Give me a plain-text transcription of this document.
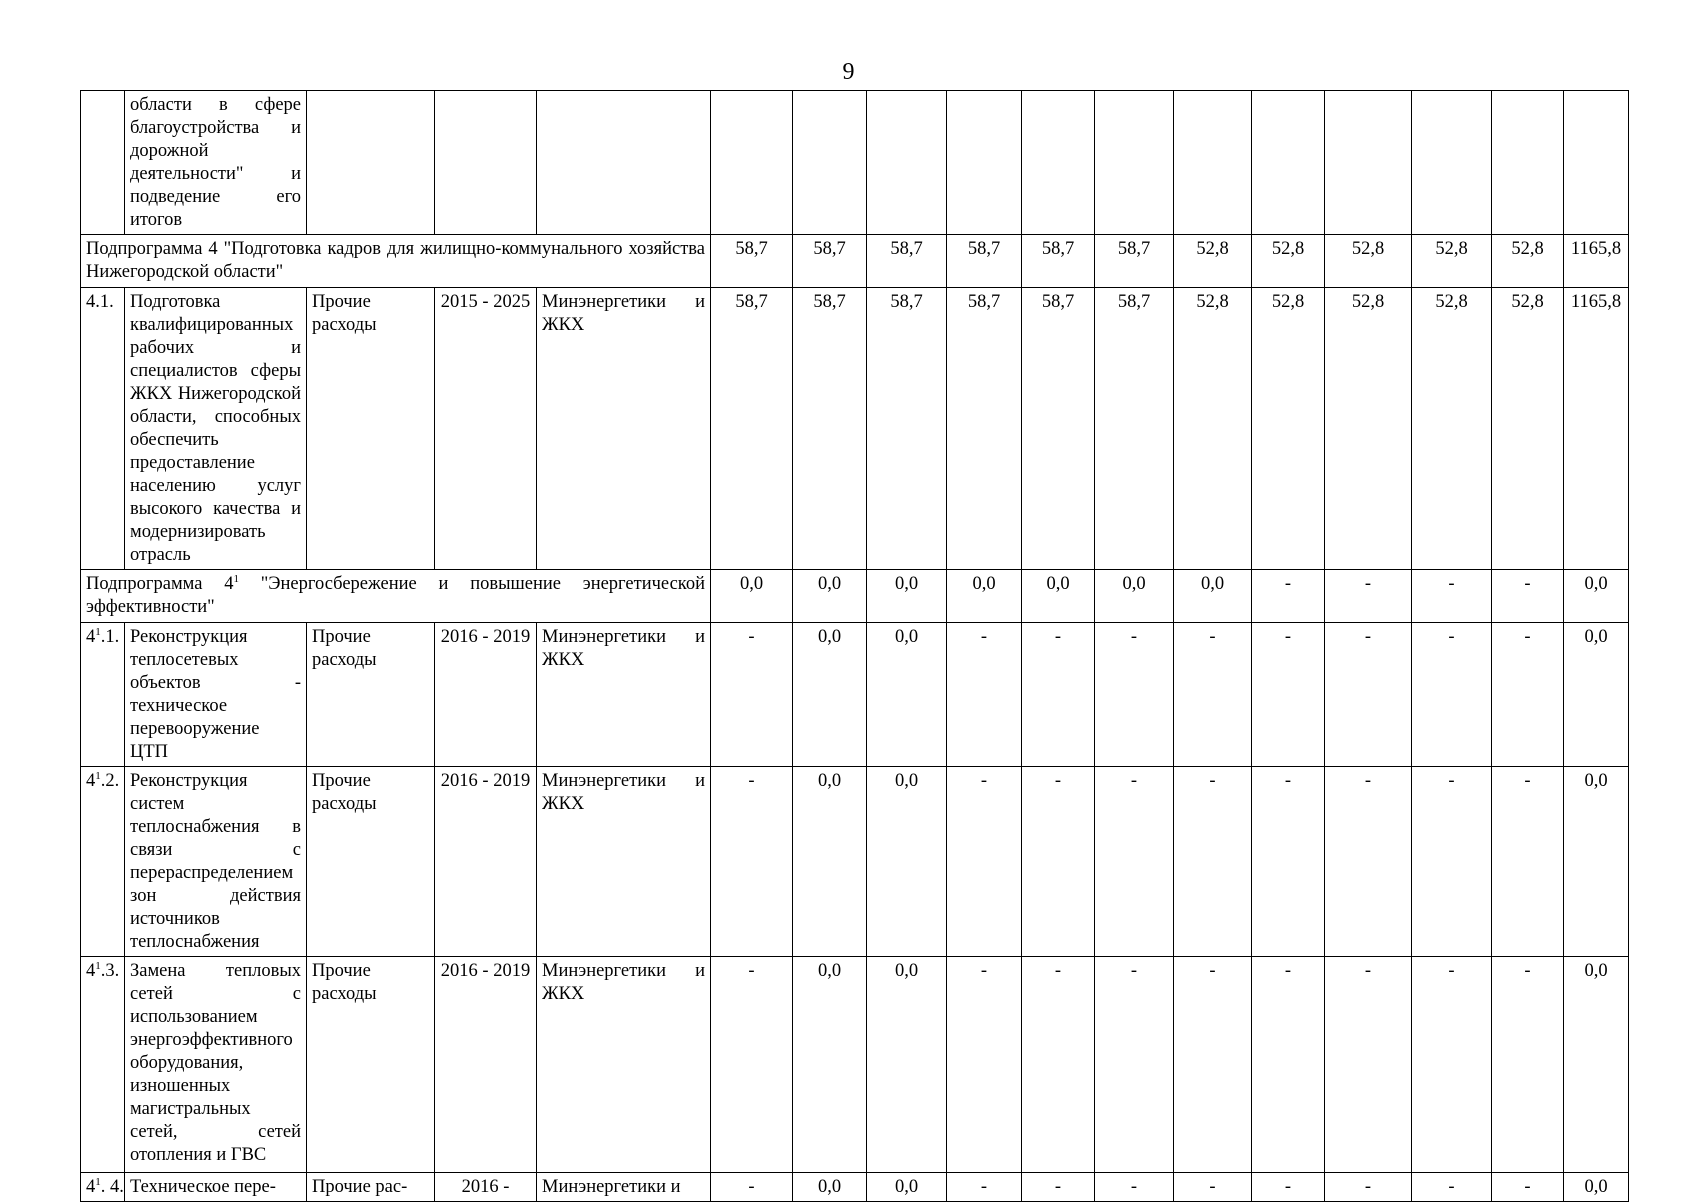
9
	области в сфере благоустройства и дорожной деятельности" и подведение его итогов															
Подпрограмма 4 "Подготовка кадров для жилищно-коммунального хозяйства Нижегородской области"					58,7	58,7	58,7	58,7	58,7	58,7	52,8	52,8	52,8	52,8	52,8	1165,8
4.1.	Подготовка квалифицированных рабочих и специалистов сферы ЖКХ Нижегородской области, способных обеспечить предоставление населению услуг высокого качества и модернизировать отрасль	Прочие расходы	2015 - 2025	Минэнергетики и ЖКХ	58,7	58,7	58,7	58,7	58,7	58,7	52,8	52,8	52,8	52,8	52,8	1165,8
Подпрограмма $4^1$ "Энергосбережение и повышение энергетической эффективности"					0,0	0,0	0,0	0,0	0,0	0,0	0,0	-	-	-	-	0,0
$4^1.1$.	Реконструкция теплосетевых объектов - техническое перевооружение ЦТП	Прочие расходы	2016 - 2019	Минэнергетики и ЖКХ	-	0,0	0,0	-	-	-	-	-	-	-	-	0,0
$4^1.2$.	Реконструкция систем теплоснабжения в связи с перераспределением зон действия источников теплоснабжения	Прочие расходы	2016 - 2019	Минэнергетики и ЖКХ	-	0,0	0,0	-	-	-	-	-	-	-	-	0,0
$4^1.3$.	Замена тепловых сетей с использованием энергоэффективного оборудования, изношенных магистральных сетей, сетей отопления и ГВС	Прочие расходы	2016 - 2019	Минэнергетики и ЖКХ	-	0,0	0,0	-	-	-	-	-	-	-	-	0,0
$4^1$. 4.	Техническое пере-	Прочие рас-	2016 -	Минэнергетики и	-	0,0	0,0	-	-	-	-	-	-	-	-	0,0
